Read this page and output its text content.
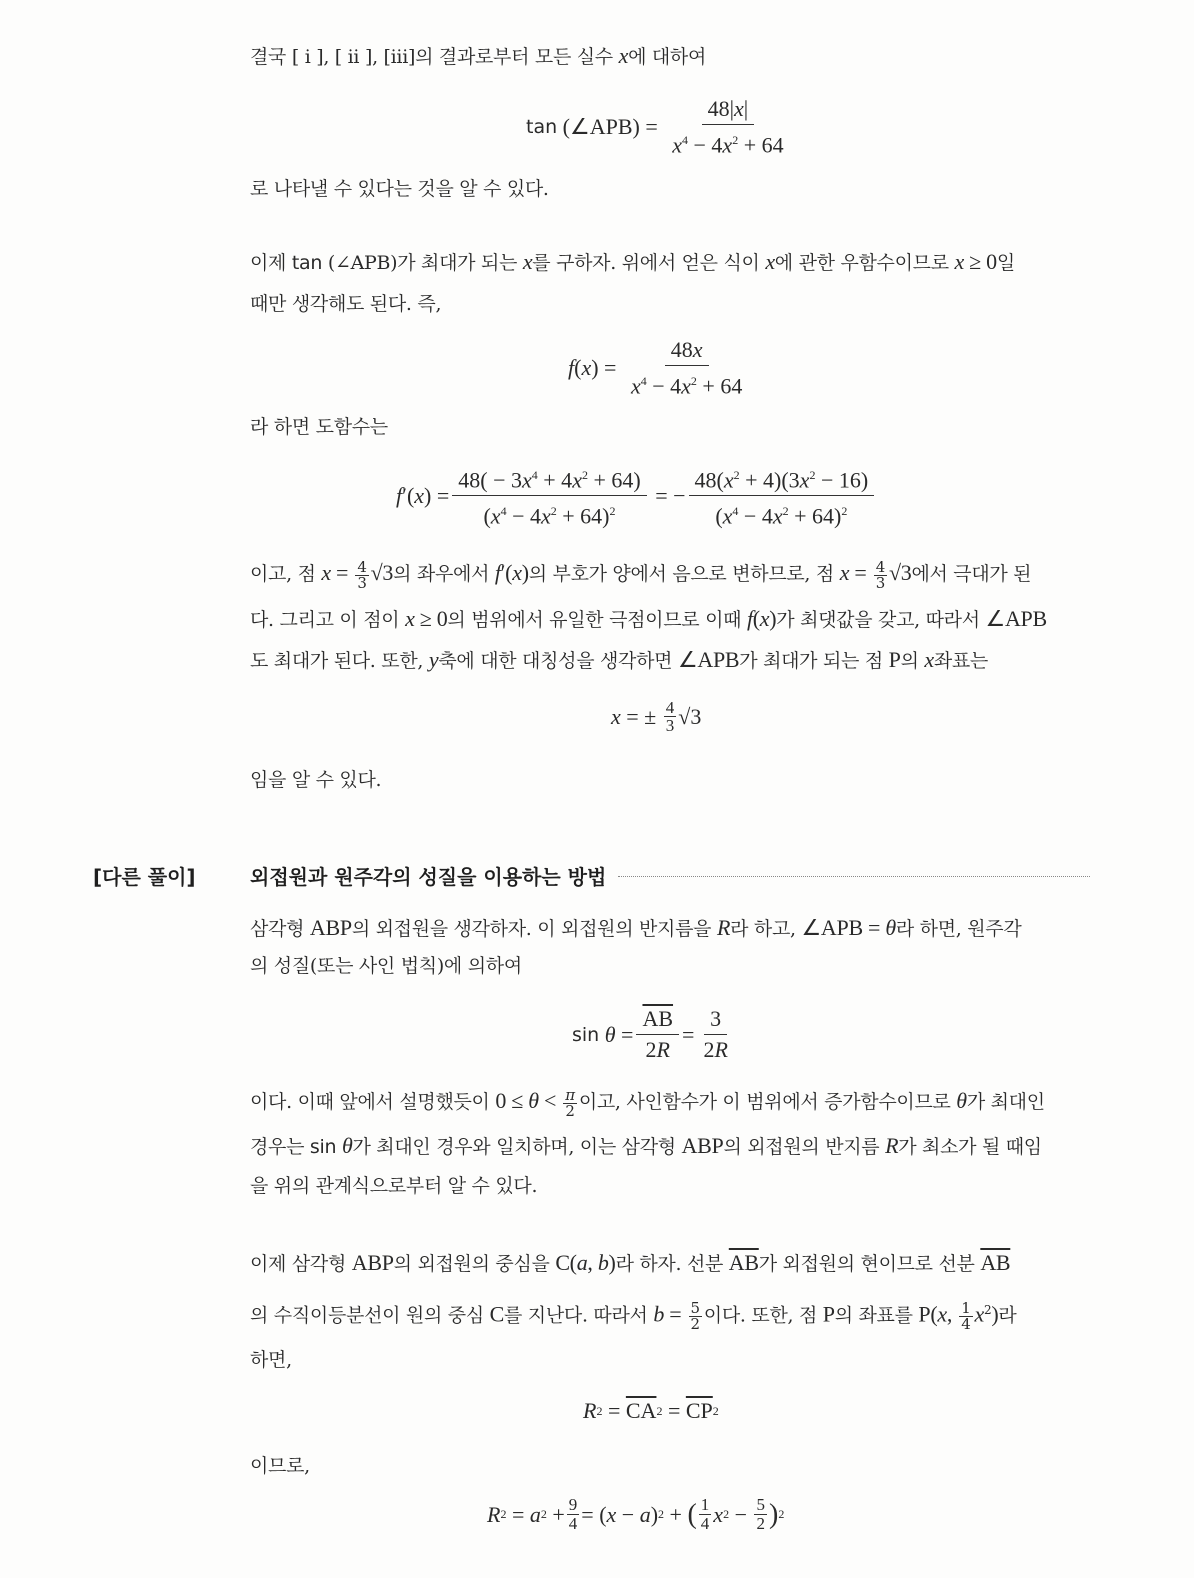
결국 [ i ], [ ii ], [iii]의 결과로부터 모든 실수 x에 대하여
tan (∠APB) = $\frac{48|x|}{x^4 - 4x^2 + 64}$
로 나타낼 수 있다는 것을 알 수 있다.
이제 tan (∠APB)가 최대가 되는 x를 구하자. 위에서 얻은 식이 x에 관한 우함수이므로 x ≥ 0일
때만 생각해도 된다. 즉,
f ( x ) = $\frac{48x}{x^4 - 4x^2 + 64}$
라 하면 도함수는
f ′( x ) = $\frac{48( - 3x^4 + 4x^2 + 64)}{(x^4 - 4x^2 + 64)^2}$ = − $\frac{48(x^2 + 4)(3x^2 - 16)}{(x^4 - 4x^2 + 64)^2}$
이고, 점 $x = \frac{4}{3} √3$의 좌우에서 f′(x)의 부호가 양에서 음으로 변하므로, 점 $x = \frac{4}{3} √3$에서 극대가 된
다. 그리고 이 점이 x ≥ 0의 범위에서 유일한 극점이므로 이때 f(x)가 최댓값을 갖고, 따라서 ∠APB
도 최대가 된다. 또한, y축에 대한 대칭성을 생각하면 ∠APB가 최대가 되는 점 P의 x좌표는
x = ± $\frac{4}{3} √3$
임을 알 수 있다.
[다른 풀이]	외접원과 원주각의 성질을 이용하는 방법
삼각형 ABP의 외접원을 생각하자. 이 외접원의 반지름을 R라 하고, ∠APB = θ라 하면, 원주각
의 성질(또는 사인 법칙)에 의하여
sin
$\theta = \frac{\overline{AB}}{2R} = \frac{3}{2R}$
이다. 이때 앞에서 설명했듯이 $0 \le \theta < \frac{\pi}{2}$ 이고, 사인함수가 이 범위에서 증가함수이므로 θ가 최대인
경우는 sin θ가 최대인 경우와 일치하며, 이는 삼각형 ABP의 외접원의 반지름 R가 최소가 될 때임
을 위의 관계식으로부터 알 수 있다.
이제 삼각형 ABP의 외접원의 중심을 C(a, b)라 하자. 선분 $\overline{AB}$가 외접원의 현이므로 선분 $\overline{AB}$
의 수직이등분선이 원의 중심 C를 지난다. 따라서 $b = \frac{5}{2}$ 이다. 또한, 점 P의 좌표를 P(x, $\frac{1}{4} x^2$)라
하면,
R $2 = \overline{CA}$ $2 = \overline{CP}$ 2
이므로,
R 2 = a $2 + \frac{9}{4}$ = ( x − a ) 2 + ( $\frac{1}{4}$ x $2 - \frac{5}{2}$ ) 2
